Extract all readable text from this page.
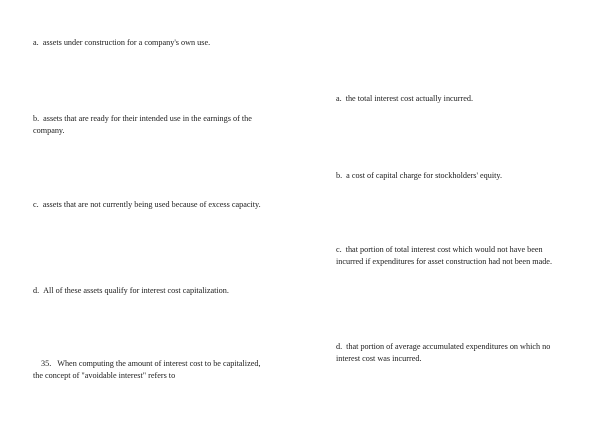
a. assets under construction for a company's own use.

b. assets that are ready for their intended use in the earnings of the company.

c. assets that are not currently being used because of excess capacity.

d. All of these assets qualify for interest cost capitalization.

35. When computing the amount of interest cost to be capitalized, the concept of "avoidable interest" refers to

a. the total interest cost actually incurred.

b. a cost of capital charge for stockholders' equity.

c. that portion of total interest cost which would not have been incurred if expenditures for asset construction had not been made.

d. that portion of average accumulated expenditures on which no interest cost was incurred.
